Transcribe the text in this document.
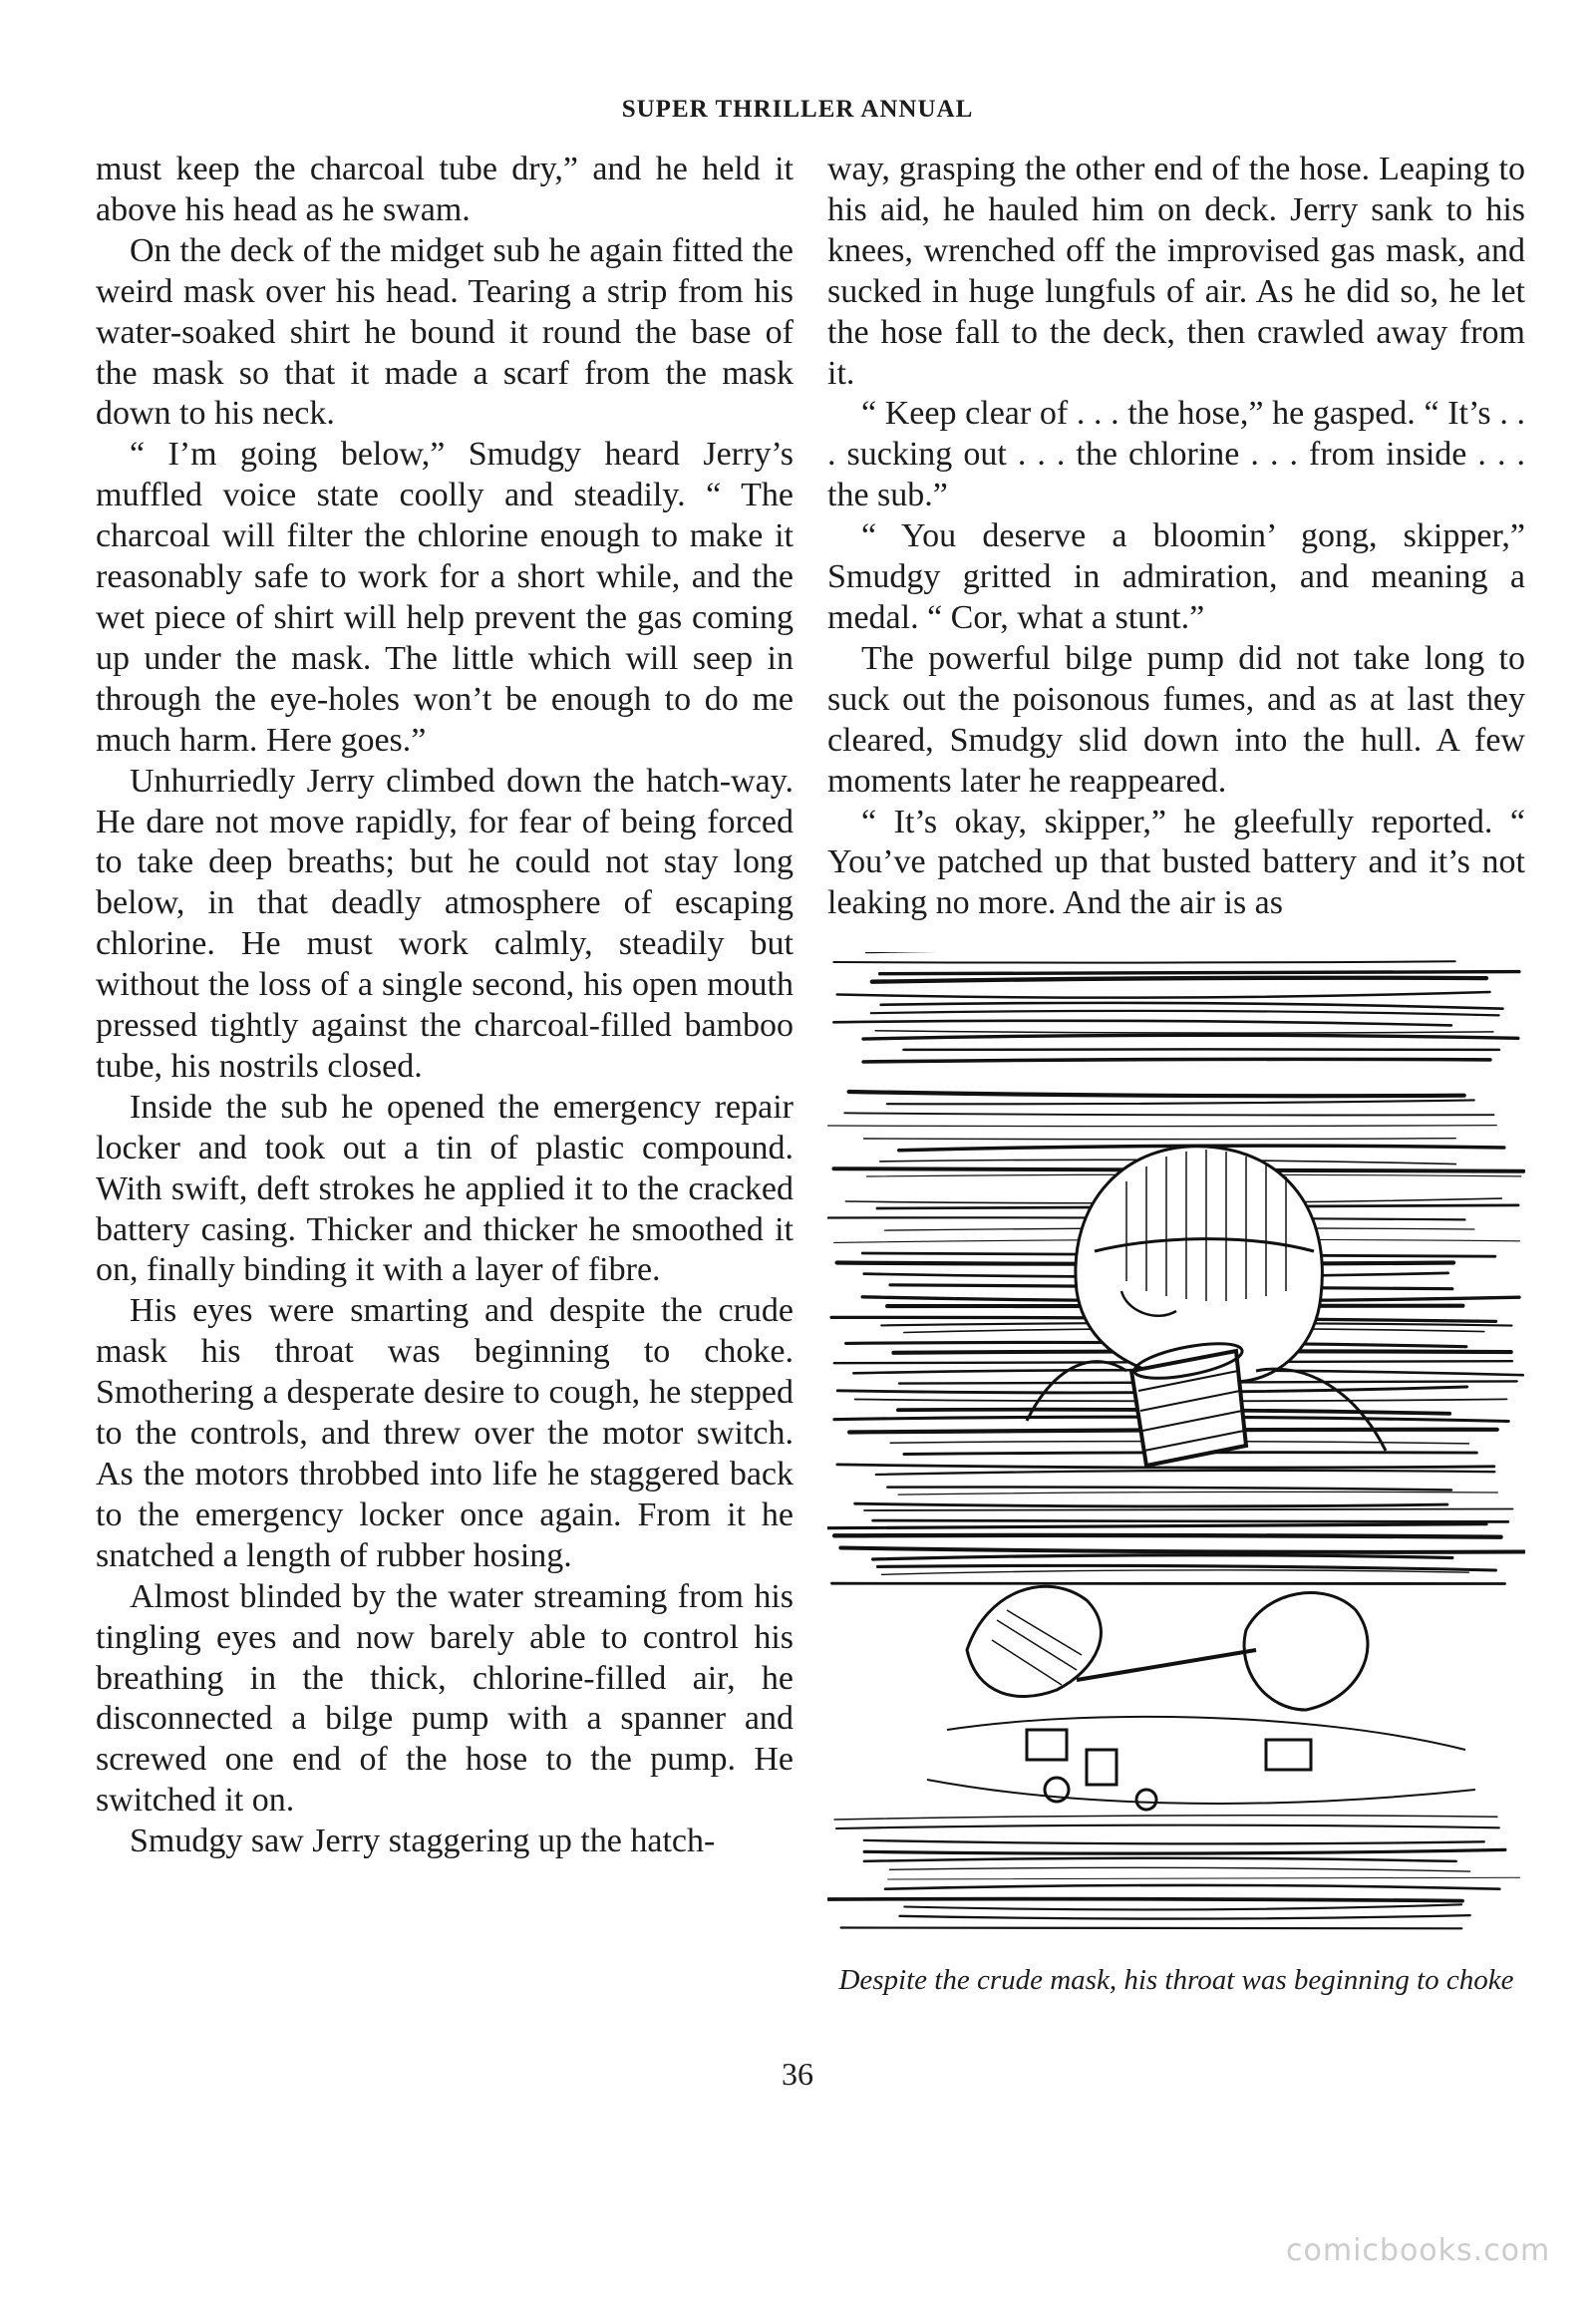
SUPER THRILLER ANNUAL

must keep the charcoal tube dry,” and he held it above his head as he swam.

On the deck of the midget sub he again fitted the weird mask over his head. Tearing a strip from his water-soaked shirt he bound it round the base of the mask so that it made a scarf from the mask down to his neck.

“ I’m going below,” Smudgy heard Jerry’s muffled voice state coolly and steadily. “ The charcoal will filter the chlorine enough to make it reasonably safe to work for a short while, and the wet piece of shirt will help prevent the gas coming up under the mask. The little which will seep in through the eye-holes won’t be enough to do me much harm. Here goes.”

Unhurriedly Jerry climbed down the hatch-way. He dare not move rapidly, for fear of being forced to take deep breaths; but he could not stay long below, in that deadly atmosphere of escaping chlorine. He must work calmly, steadily but without the loss of a single second, his open mouth pressed tightly against the charcoal-filled bamboo tube, his nostrils closed.

Inside the sub he opened the emergency repair locker and took out a tin of plastic compound. With swift, deft strokes he applied it to the cracked battery casing. Thicker and thicker he smoothed it on, finally binding it with a layer of fibre.

His eyes were smarting and despite the crude mask his throat was beginning to choke. Smothering a desperate desire to cough, he stepped to the controls, and threw over the motor switch. As the motors throbbed into life he staggered back to the emergency locker once again. From it he snatched a length of rubber hosing.

Almost blinded by the water streaming from his tingling eyes and now barely able to control his breathing in the thick, chlorine-filled air, he disconnected a bilge pump with a spanner and screwed one end of the hose to the pump. He switched it on.

Smudgy saw Jerry staggering up the hatch-

way, grasping the other end of the hose. Leaping to his aid, he hauled him on deck. Jerry sank to his knees, wrenched off the improvised gas mask, and sucked in huge lungfuls of air. As he did so, he let the hose fall to the deck, then crawled away from it.

“ Keep clear of . . . the hose,” he gasped. “ It’s . . . sucking out . . . the chlorine . . . from inside . . . the sub.”

“ You deserve a bloomin’ gong, skipper,” Smudgy gritted in admiration, and meaning a medal. “ Cor, what a stunt.”

The powerful bilge pump did not take long to suck out the poisonous fumes, and as at last they cleared, Smudgy slid down into the hull. A few moments later he reappeared.

“ It’s okay, skipper,” he gleefully reported. “ You’ve patched up that busted battery and it’s not leaking no more. And the air is as

Despite the crude mask, his throat was beginning to choke
36
comicbooks.com
